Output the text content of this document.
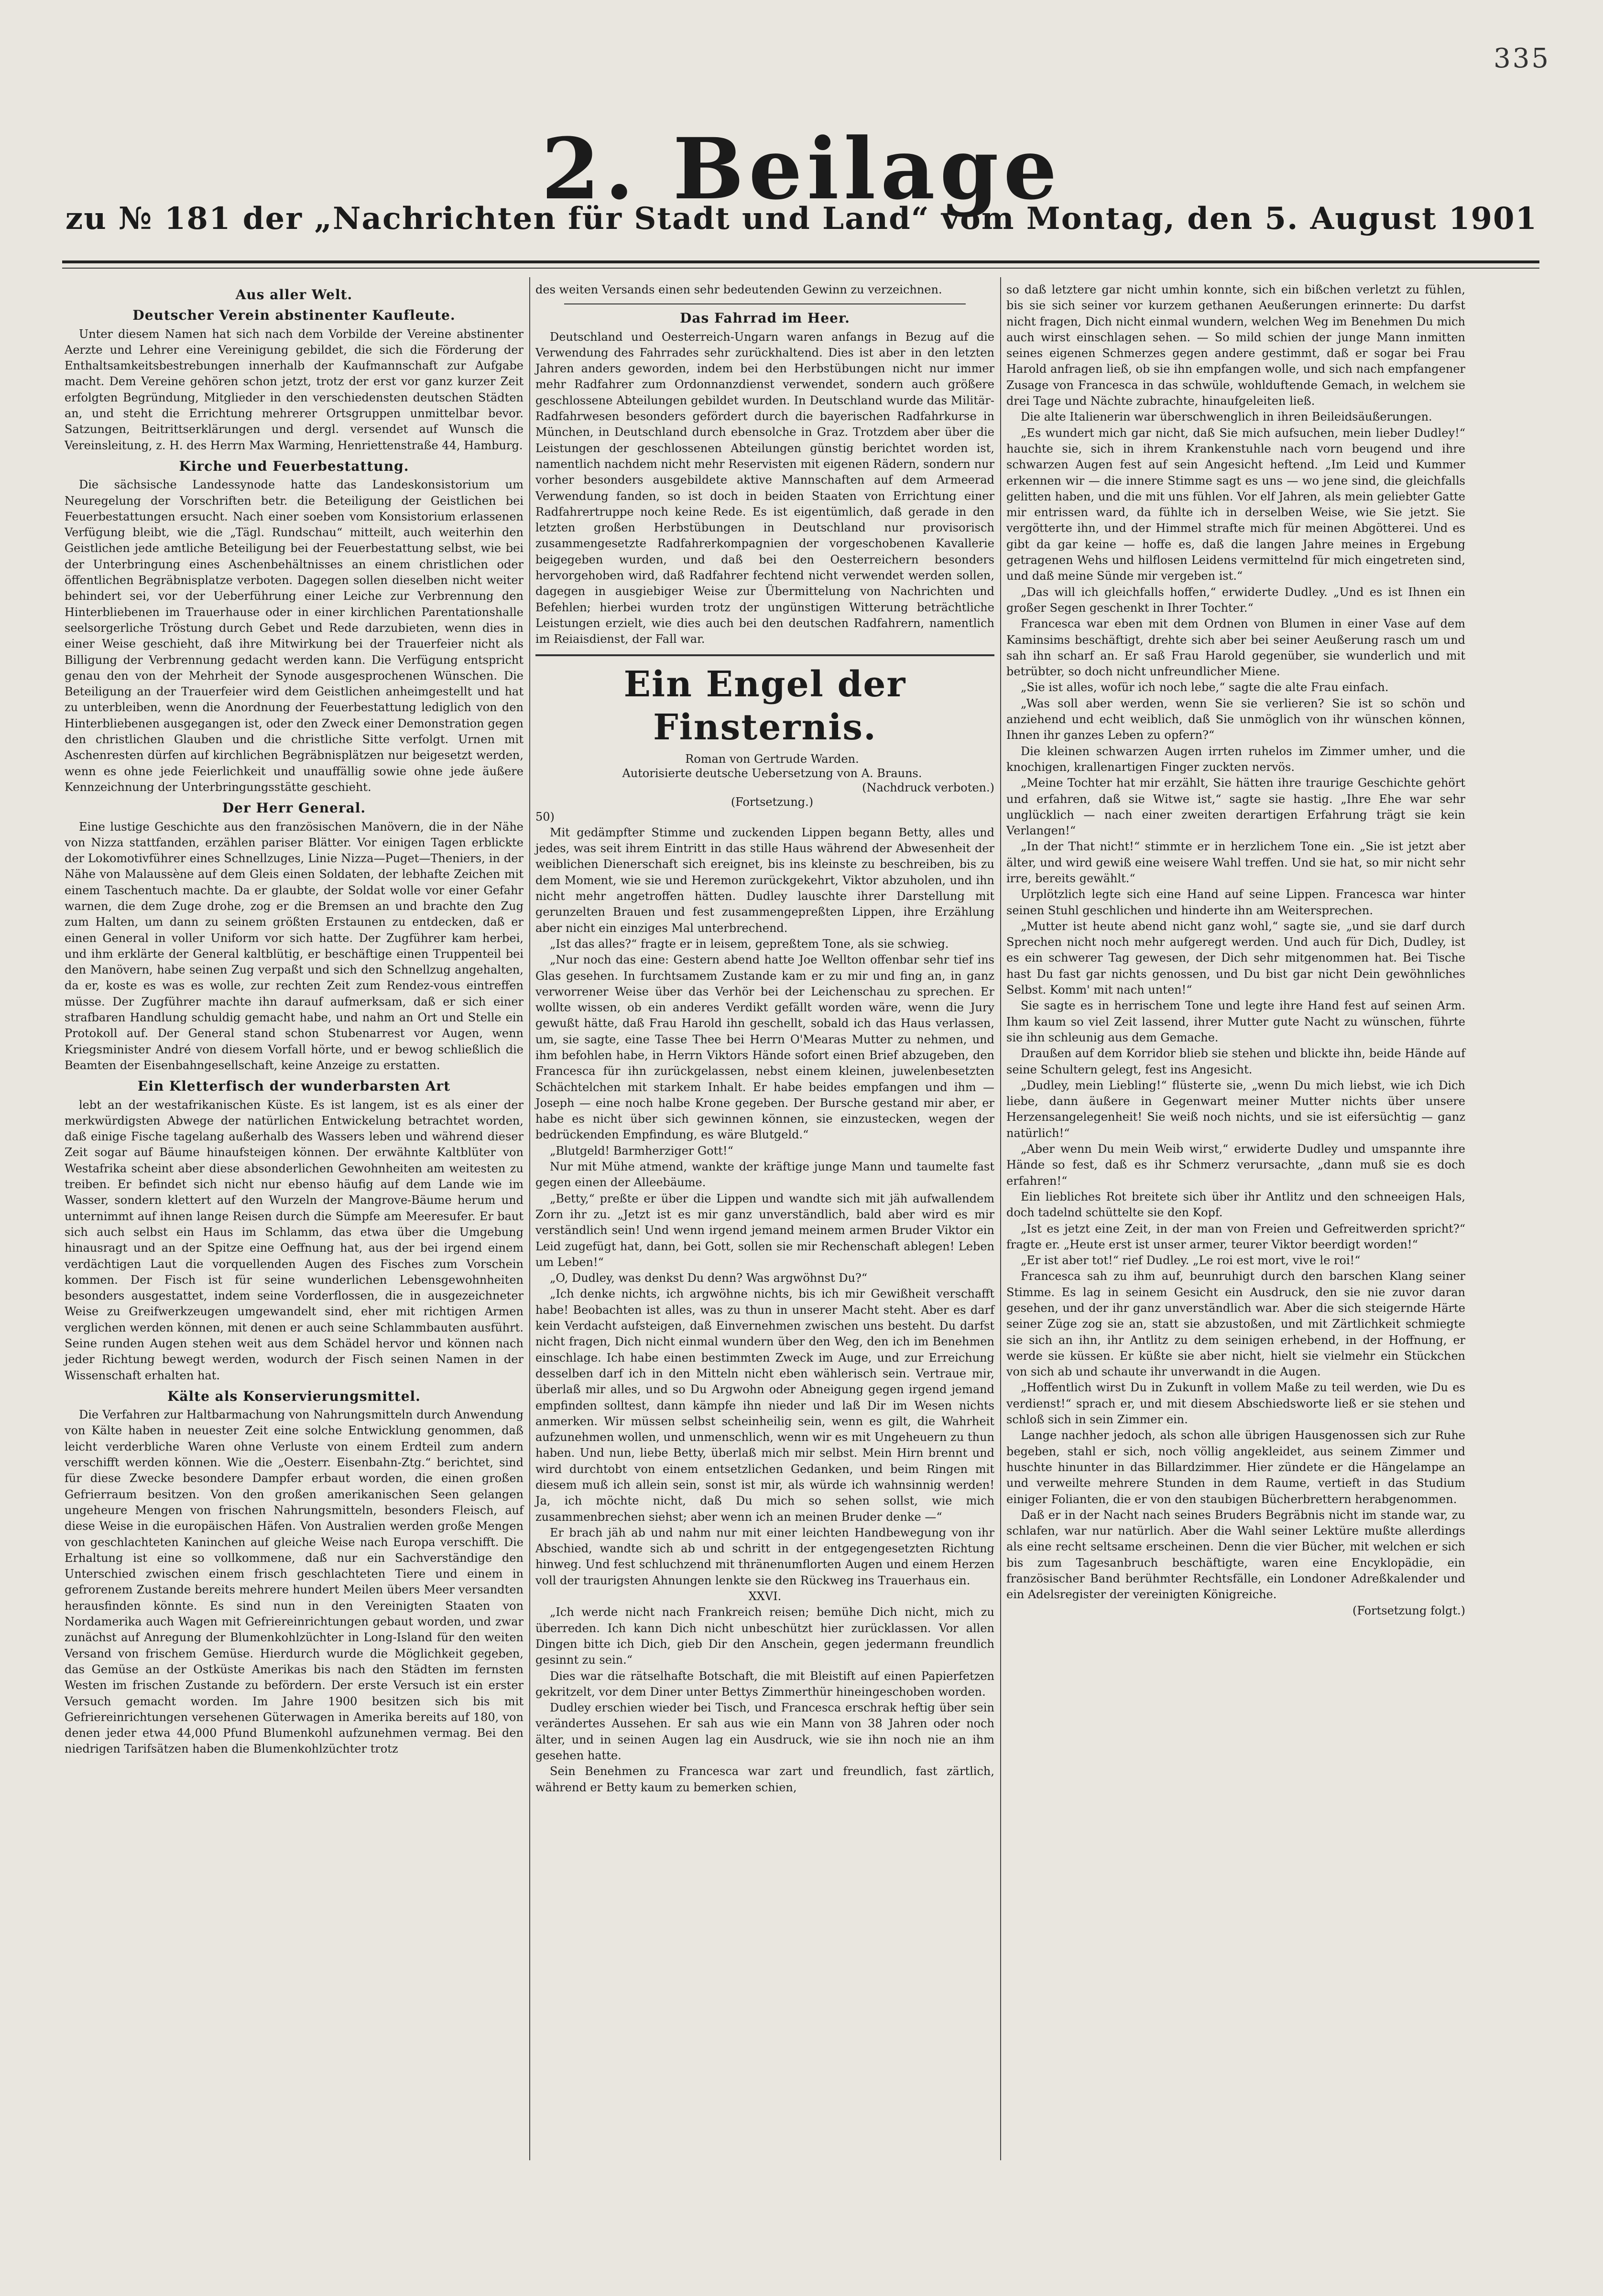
335
2. Beilage
zu № 181 der „Nachrichten für Stadt und Land“ vom Montag, den 5. August 1901
Aus aller Welt.
Deutscher Verein abstinenter Kaufleute.

Unter diesem Namen hat sich nach dem Vorbilde der Vereine abstinenter Aerzte und Lehrer eine Vereinigung gebildet, die sich die Förderung der Enthaltsamkeitsbestrebungen innerhalb der Kaufmannschaft zur Aufgabe macht. Dem Vereine gehören schon jetzt, trotz der erst vor ganz kurzer Zeit erfolgten Begründung, Mitglieder in den verschiedensten deutschen Städten an, und steht die Errichtung mehrerer Ortsgruppen unmittelbar bevor. Satzungen, Beitrittserklärungen und dergl. versendet auf Wunsch die Vereinsleitung, z. H. des Herrn Max Warming, Henriettenstraße 44, Hamburg.

Kirche und Feuerbestattung.

Die sächsische Landessynode hatte das Landeskonsistorium um Neuregelung der Vorschriften betr. die Beteiligung der Geistlichen bei Feuerbestattungen ersucht. Nach einer soeben vom Konsistorium erlassenen Verfügung bleibt, wie die „Tägl. Rundschau“ mitteilt, auch weiterhin den Geistlichen jede amtliche Beteiligung bei der Feuerbestattung selbst, wie bei der Unterbringung eines Aschenbehältnisses an einem christlichen oder öffentlichen Begräbnisplatze verboten. Dagegen sollen dieselben nicht weiter behindert sei, vor der Ueberführung einer Leiche zur Verbrennung den Hinterbliebenen im Trauerhause oder in einer kirchlichen Parentationshalle seelsorgerliche Tröstung durch Gebet und Rede darzubieten, wenn dies in einer Weise geschieht, daß ihre Mitwirkung bei der Trauerfeier nicht als Billigung der Verbrennung gedacht werden kann. Die Verfügung entspricht genau den von der Mehrheit der Synode ausgesprochenen Wünschen. Die Beteiligung an der Trauerfeier wird dem Geistlichen anheimgestellt und hat zu unterbleiben, wenn die Anordnung der Feuerbestattung lediglich von den Hinterbliebenen ausgegangen ist, oder den Zweck einer Demonstration gegen den christlichen Glauben und die christliche Sitte verfolgt. Urnen mit Aschenresten dürfen auf kirchlichen Begräbnisplätzen nur beigesetzt werden, wenn es ohne jede Feierlichkeit und unauffällig sowie ohne jede äußere Kennzeichnung der Unterbringungsstätte geschieht.

Der Herr General.

Eine lustige Geschichte aus den französischen Manövern, die in der Nähe von Nizza stattfanden, erzählen pariser Blätter. Vor einigen Tagen erblickte der Lokomotivführer eines Schnellzuges, Linie Nizza—Puget—Theniers, in der Nähe von Malaussène auf dem Gleis einen Soldaten, der lebhafte Zeichen mit einem Taschentuch machte. Da er glaubte, der Soldat wolle vor einer Gefahr warnen, die dem Zuge drohe, zog er die Bremsen an und brachte den Zug zum Halten, um dann zu seinem größten Erstaunen zu entdecken, daß er einen General in voller Uniform vor sich hatte. Der Zugführer kam herbei, und ihm erklärte der General kaltblütig, er beschäftige einen Truppenteil bei den Manövern, habe seinen Zug verpaßt und sich den Schnellzug angehalten, da er, koste es was es wolle, zur rechten Zeit zum Rendez-vous eintreffen müsse. Der Zugführer machte ihn darauf aufmerksam, daß er sich einer strafbaren Handlung schuldig gemacht habe, und nahm an Ort und Stelle ein Protokoll auf. Der General stand schon Stubenarrest vor Augen, wenn Kriegsminister André von diesem Vorfall hörte, und er bewog schließlich die Beamten der Eisenbahngesellschaft, keine Anzeige zu erstatten.

Ein Kletterfisch der wunderbarsten Art

lebt an der westafrikanischen Küste. Es ist langem, ist es als einer der merkwürdigsten Abwege der natürlichen Entwickelung betrachtet worden, daß einige Fische tagelang außerhalb des Wassers leben und während dieser Zeit sogar auf Bäume hinaufsteigen können. Der erwähnte Kaltblüter von Westafrika scheint aber diese absonderlichen Gewohnheiten am weitesten zu treiben. Er befindet sich nicht nur ebenso häufig auf dem Lande wie im Wasser, sondern klettert auf den Wurzeln der Mangrove-Bäume herum und unternimmt auf ihnen lange Reisen durch die Sümpfe am Meeresufer. Er baut sich auch selbst ein Haus im Schlamm, das etwa über die Umgebung hinausragt und an der Spitze eine Oeffnung hat, aus der bei irgend einem verdächtigen Laut die vorquellenden Augen des Fisches zum Vorschein kommen. Der Fisch ist für seine wunderlichen Lebensgewohnheiten besonders ausgestattet, indem seine Vorderflossen, die in ausgezeichneter Weise zu Greifwerkzeugen umgewandelt sind, eher mit richtigen Armen verglichen werden können, mit denen er auch seine Schlammbauten ausführt. Seine runden Augen stehen weit aus dem Schädel hervor und können nach jeder Richtung bewegt werden, wodurch der Fisch seinen Namen in der Wissenschaft erhalten hat.

Kälte als Konservierungsmittel.

Die Verfahren zur Haltbarmachung von Nahrungsmitteln durch Anwendung von Kälte haben in neuester Zeit eine solche Entwicklung genommen, daß leicht verderbliche Waren ohne Verluste von einem Erdteil zum andern verschifft werden können. Wie die „Oesterr. Eisenbahn-Ztg.“ berichtet, sind für diese Zwecke besondere Dampfer erbaut worden, die einen großen Gefrierraum besitzen. Von den großen amerikanischen Seen gelangen ungeheure Mengen von frischen Nahrungsmitteln, besonders Fleisch, auf diese Weise in die europäischen Häfen. Von Australien werden große Mengen von geschlachteten Kaninchen auf gleiche Weise nach Europa verschifft. Die Erhaltung ist eine so vollkommene, daß nur ein Sachverständige den Unterschied zwischen einem frisch geschlachteten Tiere und einem in gefrorenem Zustande bereits mehrere hundert Meilen übers Meer versandten herausfinden könnte. Es sind nun in den Vereinigten Staaten von Nordamerika auch Wagen mit Gefriereinrichtungen gebaut worden, und zwar zunächst auf Anregung der Blumenkohlzüchter in Long-Island für den weiten Versand von frischem Gemüse. Hierdurch wurde die Möglichkeit gegeben, das Gemüse an der Ostküste Amerikas bis nach den Städten im fernsten Westen im frischen Zustande zu befördern. Der erste Versuch ist ein erster Versuch gemacht worden. Im Jahre 1900 besitzen sich bis mit Gefriereinrichtungen versehenen Güterwagen in Amerika bereits auf 180, von denen jeder etwa 44,000 Pfund Blumenkohl aufzunehmen vermag. Bei den niedrigen Tarifsätzen haben die Blumenkohlzüchter trotz

des weiten Versands einen sehr bedeutenden Gewinn zu verzeichnen.

Das Fahrrad im Heer.

Deutschland und Oesterreich-Ungarn waren anfangs in Bezug auf die Verwendung des Fahrrades sehr zurückhaltend. Dies ist aber in den letzten Jahren anders geworden, indem bei den Herbstübungen nicht nur immer mehr Radfahrer zum Ordonnanzdienst verwendet, sondern auch größere geschlossene Abteilungen gebildet wurden. In Deutschland wurde das Militär-Radfahrwesen besonders gefördert durch die bayerischen Radfahrkurse in München, in Deutschland durch ebensolche in Graz. Trotzdem aber über die Leistungen der geschlossenen Abteilungen günstig berichtet worden ist, namentlich nachdem nicht mehr Reservisten mit eigenen Rädern, sondern nur vorher besonders ausgebildete aktive Mannschaften auf dem Armeerad Verwendung fanden, so ist doch in beiden Staaten von Errichtung einer Radfahrertruppe noch keine Rede. Es ist eigentümlich, daß gerade in den letzten großen Herbstübungen in Deutschland nur provisorisch zusammengesetzte Radfahrerkompagnien der vorgeschobenen Kavallerie beigegeben wurden, und daß bei den Oesterreichern besonders hervorgehoben wird, daß Radfahrer fechtend nicht verwendet werden sollen, dagegen in ausgiebiger Weise zur Übermittelung von Nachrichten und Befehlen; hierbei wurden trotz der ungünstigen Witterung beträchtliche Leistungen erzielt, wie dies auch bei den deutschen Radfahrern, namentlich im Reiaisdienst, der Fall war.

Ein Engel der Finsternis.

Roman von Gertrude Warden.

Autorisierte deutsche Uebersetzung von A. Brauns.

(Nachdruck verboten.)

(Fortsetzung.)

50)

Mit gedämpfter Stimme und zuckenden Lippen begann Betty, alles und jedes, was seit ihrem Eintritt in das stille Haus während der Abwesenheit der weiblichen Dienerschaft sich ereignet, bis ins kleinste zu beschreiben, bis zu dem Moment, wie sie und Heremon zurückgekehrt, Viktor abzuholen, und ihn nicht mehr angetroffen hätten. Dudley lauschte ihrer Darstellung mit gerunzelten Brauen und fest zusammengepreßten Lippen, ihre Erzählung aber nicht ein einziges Mal unterbrechend.

„Ist das alles?“ fragte er in leisem, gepreßtem Tone, als sie schwieg.

„Nur noch das eine: Gestern abend hatte Joe Wellton offenbar sehr tief ins Glas gesehen. In furchtsamem Zustande kam er zu mir und fing an, in ganz verworrener Weise über das Verhör bei der Leichenschau zu sprechen. Er wollte wissen, ob ein anderes Verdikt gefällt worden wäre, wenn die Jury gewußt hätte, daß Frau Harold ihn geschellt, sobald ich das Haus verlassen, um, sie sagte, eine Tasse Thee bei Herrn O'Mearas Mutter zu nehmen, und ihm befohlen habe, in Herrn Viktors Hände sofort einen Brief abzugeben, den Francesca für ihn zurückgelassen, nebst einem kleinen, juwelenbesetzten Schächtelchen mit starkem Inhalt. Er habe beides empfangen und ihm — Joseph — eine noch halbe Krone gegeben. Der Bursche gestand mir aber, er habe es nicht über sich gewinnen können, sie einzustecken, wegen der bedrückenden Empfindung, es wäre Blutgeld.“

„Blutgeld! Barmherziger Gott!“

Nur mit Mühe atmend, wankte der kräftige junge Mann und taumelte fast gegen einen der Alleebäume.

„Betty,“ preßte er über die Lippen und wandte sich mit jäh aufwallendem Zorn ihr zu. „Jetzt ist es mir ganz unverständlich, bald aber wird es mir verständlich sein! Und wenn irgend jemand meinem armen Bruder Viktor ein Leid zugefügt hat, dann, bei Gott, sollen sie mir Rechenschaft ablegen! Leben um Leben!“

„O, Dudley, was denkst Du denn? Was argwöhnst Du?“

„Ich denke nichts, ich argwöhne nichts, bis ich mir Gewißheit verschafft habe! Beobachten ist alles, was zu thun in unserer Macht steht. Aber es darf kein Verdacht aufsteigen, daß Einvernehmen zwischen uns besteht. Du darfst nicht fragen, Dich nicht einmal wundern über den Weg, den ich im Benehmen einschlage. Ich habe einen bestimmten Zweck im Auge, und zur Erreichung desselben darf ich in den Mitteln nicht eben wählerisch sein. Vertraue mir, überlaß mir alles, und so Du Argwohn oder Abneigung gegen irgend jemand empfinden solltest, dann kämpfe ihn nieder und laß Dir im Wesen nichts anmerken. Wir müssen selbst scheinheilig sein, wenn es gilt, die Wahrheit aufzunehmen wollen, und unmenschlich, wenn wir es mit Ungeheuern zu thun haben. Und nun, liebe Betty, überlaß mich mir selbst. Mein Hirn brennt und wird durchtobt von einem entsetzlichen Gedanken, und beim Ringen mit diesem muß ich allein sein, sonst ist mir, als würde ich wahnsinnig werden! Ja, ich möchte nicht, daß Du mich so sehen sollst, wie mich zusammenbrechen siehst; aber wenn ich an meinen Bruder denke —“

Er brach jäh ab und nahm nur mit einer leichten Handbewegung von ihr Abschied, wandte sich ab und schritt in der entgegengesetzten Richtung hinweg. Und fest schluchzend mit thränenumflorten Augen und einem Herzen voll der traurigsten Ahnungen lenkte sie den Rückweg ins Trauerhaus ein.

XXVI.

„Ich werde nicht nach Frankreich reisen; bemühe Dich nicht, mich zu überreden. Ich kann Dich nicht unbeschützt hier zurücklassen. Vor allen Dingen bitte ich Dich, gieb Dir den Anschein, gegen jedermann freundlich gesinnt zu sein.“

Dies war die rätselhafte Botschaft, die mit Bleistift auf einen Papierfetzen gekritzelt, vor dem Diner unter Bettys Zimmerthür hineingeschoben worden.

Dudley erschien wieder bei Tisch, und Francesca erschrak heftig über sein verändertes Aussehen. Er sah aus wie ein Mann von 38 Jahren oder noch älter, und in seinen Augen lag ein Ausdruck, wie sie ihn noch nie an ihm gesehen hatte.

Sein Benehmen zu Francesca war zart und freundlich, fast zärtlich, während er Betty kaum zu bemerken schien,

so daß letztere gar nicht umhin konnte, sich ein bißchen verletzt zu fühlen, bis sie sich seiner vor kurzem gethanen Aeußerungen erinnerte: Du darfst nicht fragen, Dich nicht einmal wundern, welchen Weg im Benehmen Du mich auch wirst einschlagen sehen. — So mild schien der junge Mann inmitten seines eigenen Schmerzes gegen andere gestimmt, daß er sogar bei Frau Harold anfragen ließ, ob sie ihn empfangen wolle, und sich nach empfangener Zusage von Francesca in das schwüle, wohlduftende Gemach, in welchem sie drei Tage und Nächte zubrachte, hinaufgeleiten ließ.

Die alte Italienerin war überschwenglich in ihren Beileidsäußerungen.

„Es wundert mich gar nicht, daß Sie mich aufsuchen, mein lieber Dudley!“ hauchte sie, sich in ihrem Krankenstuhle nach vorn beugend und ihre schwarzen Augen fest auf sein Angesicht heftend. „Im Leid und Kummer erkennen wir — die innere Stimme sagt es uns — wo jene sind, die gleichfalls gelitten haben, und die mit uns fühlen. Vor elf Jahren, als mein geliebter Gatte mir entrissen ward, da fühlte ich in derselben Weise, wie Sie jetzt. Sie vergötterte ihn, und der Himmel strafte mich für meinen Abgötterei. Und es gibt da gar keine — hoffe es, daß die langen Jahre meines in Ergebung getragenen Wehs und hilflosen Leidens vermittelnd für mich eingetreten sind, und daß meine Sünde mir vergeben ist.“

„Das will ich gleichfalls hoffen,“ erwiderte Dudley. „Und es ist Ihnen ein großer Segen geschenkt in Ihrer Tochter.“

Francesca war eben mit dem Ordnen von Blumen in einer Vase auf dem Kaminsims beschäftigt, drehte sich aber bei seiner Aeußerung rasch um und sah ihn scharf an. Er saß Frau Harold gegenüber, sie wunderlich und mit betrübter, so doch nicht unfreundlicher Miene.

„Sie ist alles, wofür ich noch lebe,“ sagte die alte Frau einfach.

„Was soll aber werden, wenn Sie sie verlieren? Sie ist so schön und anziehend und echt weiblich, daß Sie unmöglich von ihr wünschen können, Ihnen ihr ganzes Leben zu opfern?“

Die kleinen schwarzen Augen irrten ruhelos im Zimmer umher, und die knochigen, krallenartigen Finger zuckten nervös.

„Meine Tochter hat mir erzählt, Sie hätten ihre traurige Geschichte gehört und erfahren, daß sie Witwe ist,“ sagte sie hastig. „Ihre Ehe war sehr unglücklich — nach einer zweiten derartigen Erfahrung trägt sie kein Verlangen!“

„In der That nicht!“ stimmte er in herzlichem Tone ein. „Sie ist jetzt aber älter, und wird gewiß eine weisere Wahl treffen. Und sie hat, so mir nicht sehr irre, bereits gewählt.“

Urplötzlich legte sich eine Hand auf seine Lippen. Francesca war hinter seinen Stuhl geschlichen und hinderte ihn am Weitersprechen.

„Mutter ist heute abend nicht ganz wohl,“ sagte sie, „und sie darf durch Sprechen nicht noch mehr aufgeregt werden. Und auch für Dich, Dudley, ist es ein schwerer Tag gewesen, der Dich sehr mitgenommen hat. Bei Tische hast Du fast gar nichts genossen, und Du bist gar nicht Dein gewöhnliches Selbst. Komm' mit nach unten!“

Sie sagte es in herrischem Tone und legte ihre Hand fest auf seinen Arm. Ihm kaum so viel Zeit lassend, ihrer Mutter gute Nacht zu wünschen, führte sie ihn schleunig aus dem Gemache.

Draußen auf dem Korridor blieb sie stehen und blickte ihn, beide Hände auf seine Schultern gelegt, fest ins Angesicht.

„Dudley, mein Liebling!“ flüsterte sie, „wenn Du mich liebst, wie ich Dich liebe, dann äußere in Gegenwart meiner Mutter nichts über unsere Herzensangelegenheit! Sie weiß noch nichts, und sie ist eifersüchtig — ganz natürlich!“

„Aber wenn Du mein Weib wirst,“ erwiderte Dudley und umspannte ihre Hände so fest, daß es ihr Schmerz verursachte, „dann muß sie es doch erfahren!“

Ein liebliches Rot breitete sich über ihr Antlitz und den schneeigen Hals, doch tadelnd schüttelte sie den Kopf.

„Ist es jetzt eine Zeit, in der man von Freien und Gefreitwerden spricht?“ fragte er. „Heute erst ist unser armer, teurer Viktor beerdigt worden!“

„Er ist aber tot!“ rief Dudley. „Le roi est mort, vive le roi!“

Francesca sah zu ihm auf, beunruhigt durch den barschen Klang seiner Stimme. Es lag in seinem Gesicht ein Ausdruck, den sie nie zuvor daran gesehen, und der ihr ganz unverständlich war. Aber die sich steigernde Härte seiner Züge zog sie an, statt sie abzustoßen, und mit Zärtlichkeit schmiegte sie sich an ihn, ihr Antlitz zu dem seinigen erhebend, in der Hoffnung, er werde sie küssen. Er küßte sie aber nicht, hielt sie vielmehr ein Stückchen von sich ab und schaute ihr unverwandt in die Augen.

„Hoffentlich wirst Du in Zukunft in vollem Maße zu teil werden, wie Du es verdienst!“ sprach er, und mit diesem Abschiedsworte ließ er sie stehen und schloß sich in sein Zimmer ein.

Lange nachher jedoch, als schon alle übrigen Hausgenossen sich zur Ruhe begeben, stahl er sich, noch völlig angekleidet, aus seinem Zimmer und huschte hinunter in das Billardzimmer. Hier zündete er die Hängelampe an und verweilte mehrere Stunden in dem Raume, vertieft in das Studium einiger Folianten, die er von den staubigen Bücherbrettern herabgenommen.

Daß er in der Nacht nach seines Bruders Begräbnis nicht im stande war, zu schlafen, war nur natürlich. Aber die Wahl seiner Lektüre mußte allerdings als eine recht seltsame erscheinen. Denn die vier Bücher, mit welchen er sich bis zum Tagesanbruch beschäftigte, waren eine Encyklopädie, ein französischer Band berühmter Rechtsfälle, ein Londoner Adreßkalender und ein Adelsregister der vereinigten Königreiche.

(Fortsetzung folgt.)
